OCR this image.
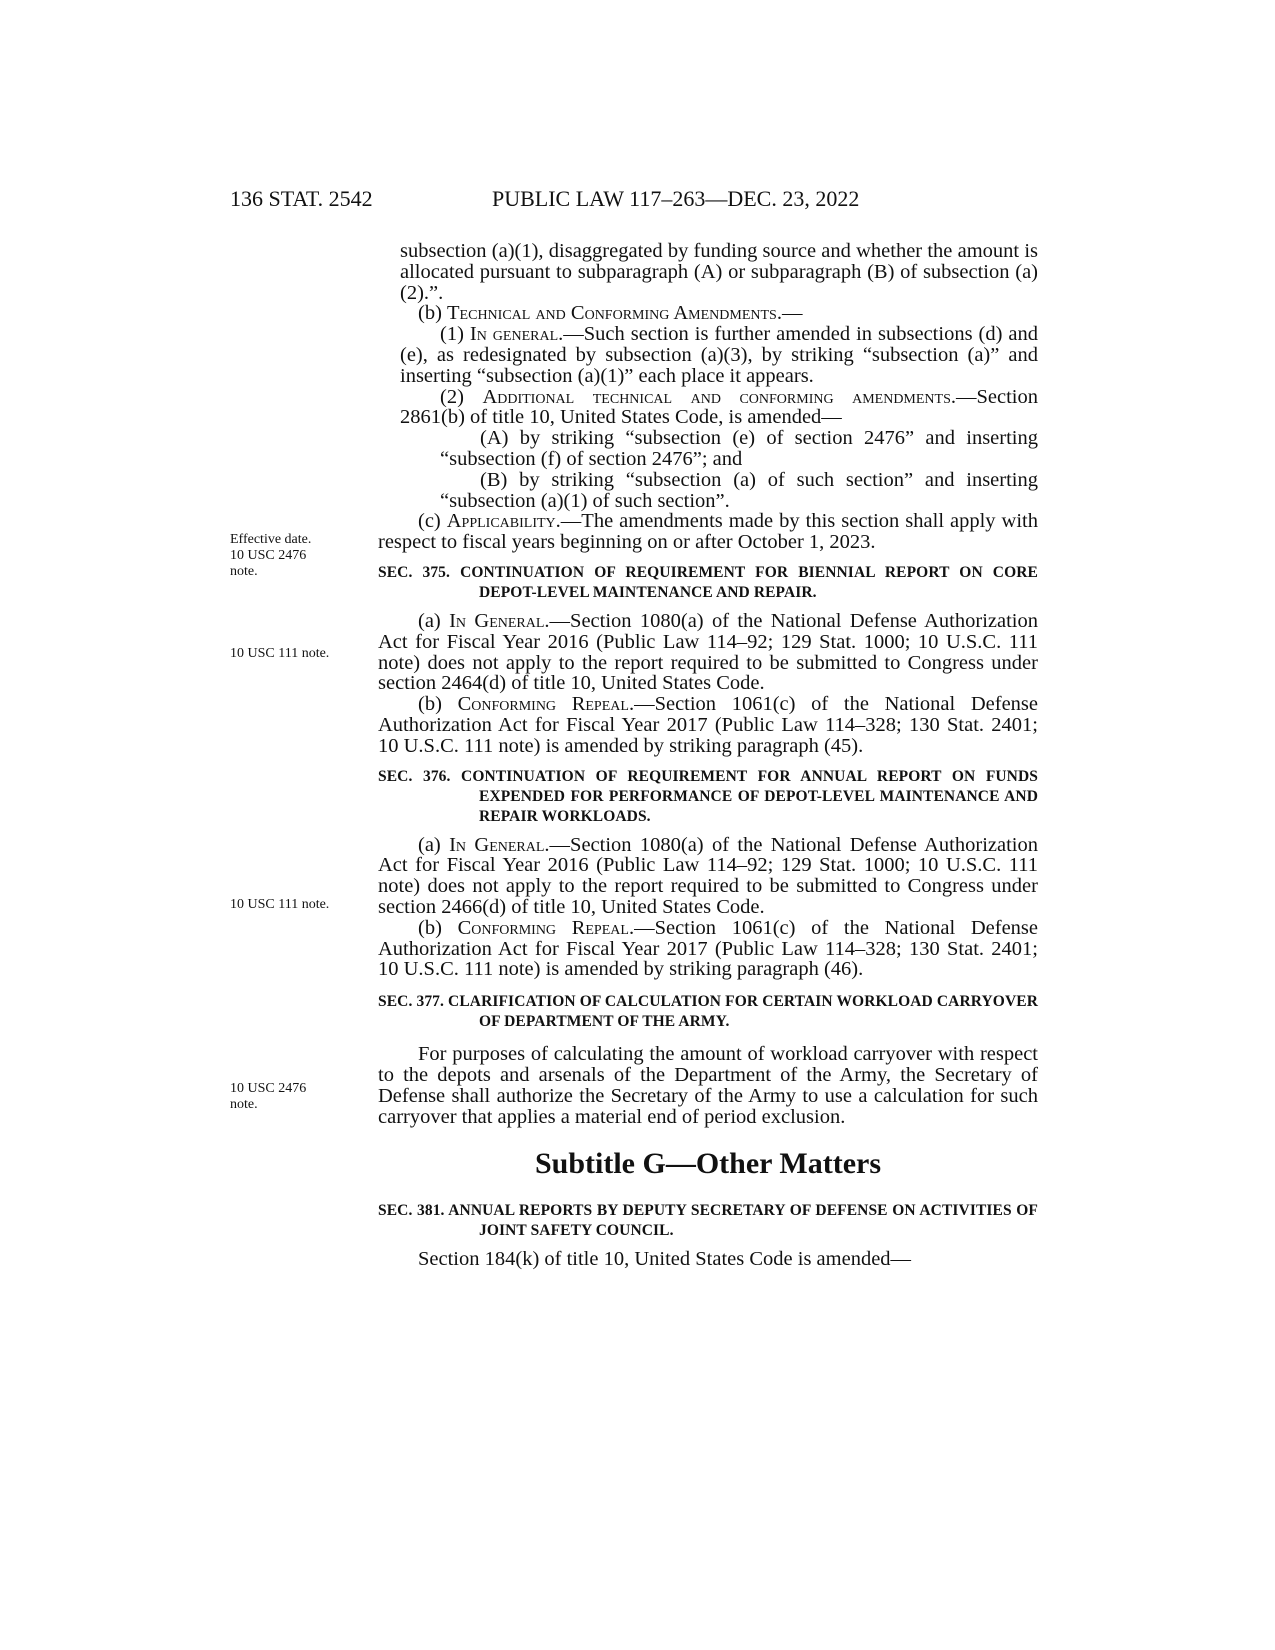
136 STAT. 2542	PUBLIC LAW 117–263—DEC. 23, 2022
Effective date.
10 USC 2476
note.
10 USC 111 note.
10 USC 111 note.
10 USC 2476
note.

subsection (a)(1), disaggregated by funding source and whether the amount is allocated pursuant to subparagraph (A) or subparagraph (B) of subsection (a)(2).”.

(b) Technical and Conforming Amendments.—

(1) In general.—Such section is further amended in subsections (d) and (e), as redesignated by subsection (a)(3), by striking “subsection (a)” and inserting “subsection (a)(1)” each place it appears.

(2) Additional technical and conforming amendments.—Section 2861(b) of title 10, United States Code, is amended—

(A) by striking “subsection (e) of section 2476” and inserting “subsection (f) of section 2476”; and

(B) by striking “subsection (a) of such section” and inserting “subsection (a)(1) of such section”.

(c) Applicability.—The amendments made by this section shall apply with respect to fiscal years beginning on or after October 1, 2023.

SEC. 375. CONTINUATION OF REQUIREMENT FOR BIENNIAL REPORT ON CORE DEPOT-LEVEL MAINTENANCE AND REPAIR.

(a) In General.—Section 1080(a) of the National Defense Authorization Act for Fiscal Year 2016 (Public Law 114–92; 129 Stat. 1000; 10 U.S.C. 111 note) does not apply to the report required to be submitted to Congress under section 2464(d) of title 10, United States Code.

(b) Conforming Repeal.—Section 1061(c) of the National Defense Authorization Act for Fiscal Year 2017 (Public Law 114–328; 130 Stat. 2401; 10 U.S.C. 111 note) is amended by striking paragraph (45).

SEC. 376. CONTINUATION OF REQUIREMENT FOR ANNUAL REPORT ON FUNDS EXPENDED FOR PERFORMANCE OF DEPOT-LEVEL MAINTENANCE AND REPAIR WORKLOADS.

(a) In General.—Section 1080(a) of the National Defense Authorization Act for Fiscal Year 2016 (Public Law 114–92; 129 Stat. 1000; 10 U.S.C. 111 note) does not apply to the report required to be submitted to Congress under section 2466(d) of title 10, United States Code.

(b) Conforming Repeal.—Section 1061(c) of the National Defense Authorization Act for Fiscal Year 2017 (Public Law 114–328; 130 Stat. 2401; 10 U.S.C. 111 note) is amended by striking paragraph (46).

SEC. 377. CLARIFICATION OF CALCULATION FOR CERTAIN WORKLOAD CARRYOVER OF DEPARTMENT OF THE ARMY.

For purposes of calculating the amount of workload carryover with respect to the depots and arsenals of the Department of the Army, the Secretary of Defense shall authorize the Secretary of the Army to use a calculation for such carryover that applies a material end of period exclusion.

Subtitle G—Other Matters
SEC. 381. ANNUAL REPORTS BY DEPUTY SECRETARY OF DEFENSE ON ACTIVITIES OF JOINT SAFETY COUNCIL.

Section 184(k) of title 10, United States Code is amended—
